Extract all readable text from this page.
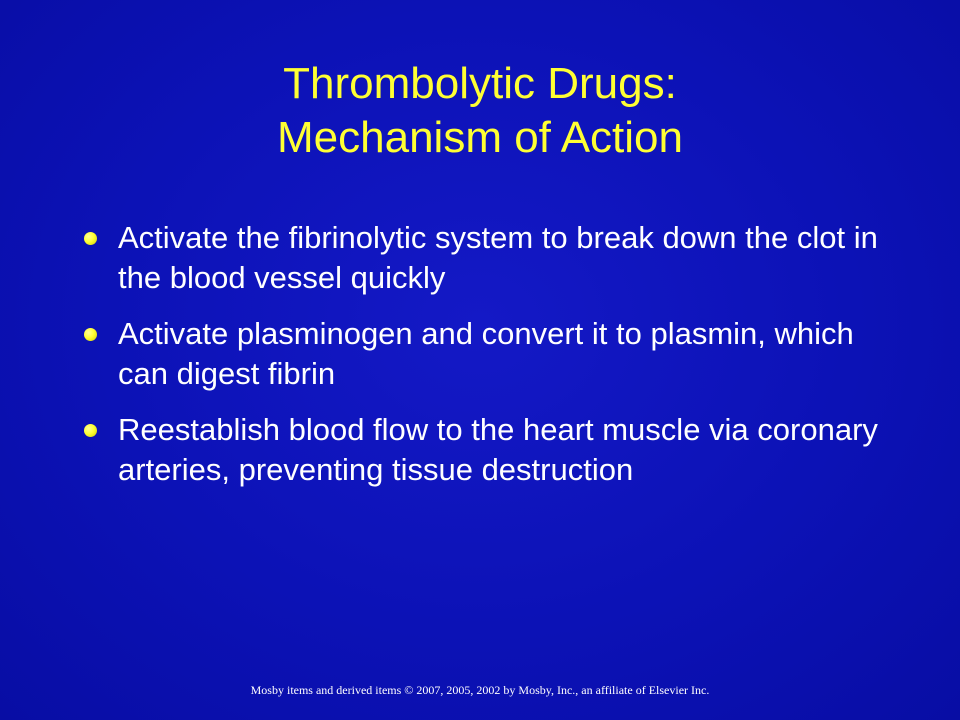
Thrombolytic Drugs:
Mechanism of Action
Activate the fibrinolytic system to break down the clot in the blood vessel quickly
Activate plasminogen and convert it to plasmin, which can digest fibrin
Reestablish blood flow to the heart muscle via coronary arteries, preventing tissue destruction
Mosby items and derived items © 2007, 2005, 2002 by Mosby, Inc., an affiliate of Elsevier Inc.
